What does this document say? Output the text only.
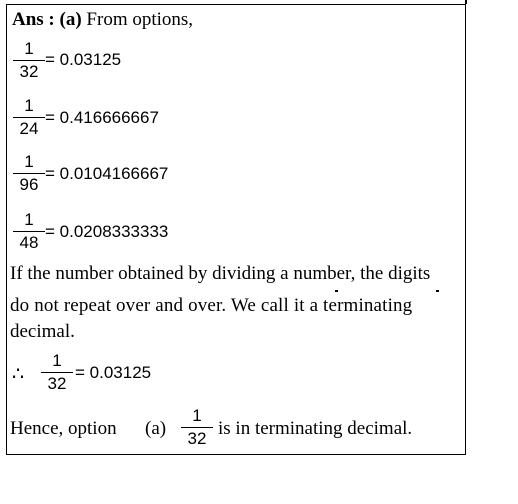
Ans : (a) From options,
1
32
= 0.03125
1
24
= 0.416666667
1
96
= 0.0104166667
1
48
= 0.0208333333
If the number obtained by dividing a number, the digits
do not repeat over and over. We call it a terminating
decimal.
∴
1
32
= 0.03125
Hence, option (a)
1
32 is in terminating decimal.
